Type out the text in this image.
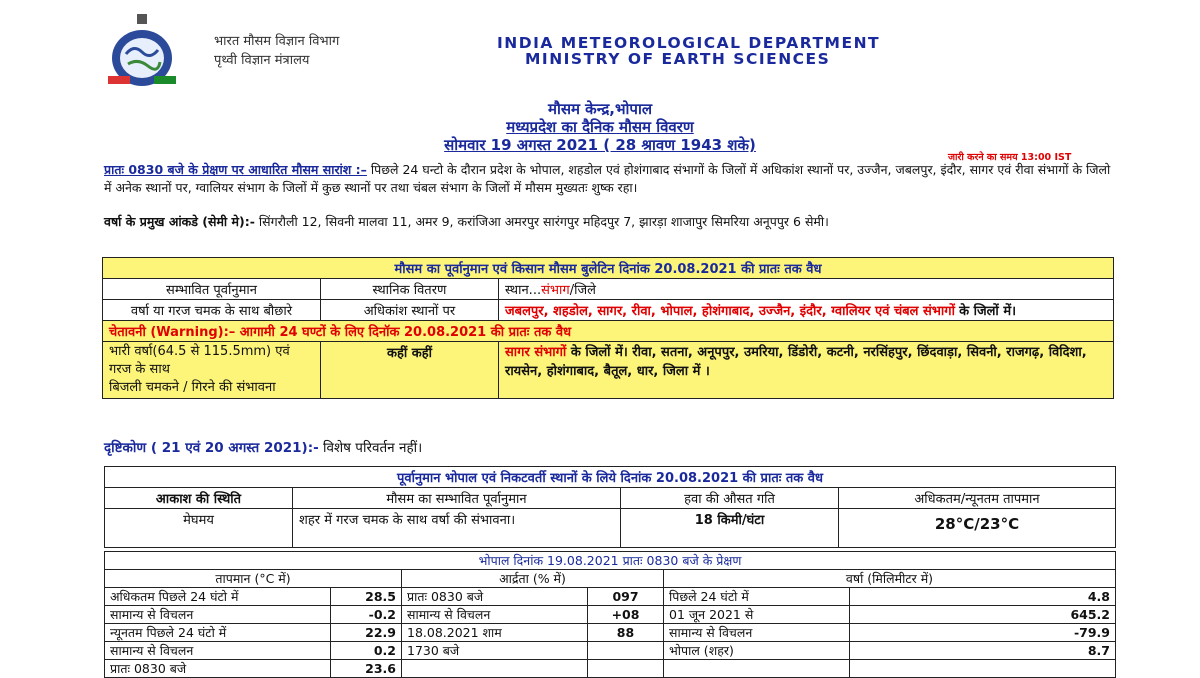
भारत मौसम विज्ञान विभाग
पृथ्वी विज्ञान मंत्रालय
INDIA METEOROLOGICAL DEPARTMENT
MINISTRY OF EARTH SCIENCES
मौसम केन्द्र,भोपाल
मध्यप्रदेश का दैनिक मौसम विवरण
सोमवार 19 अगस्त 2021 ( 28 श्रावण 1943 शके)
जारी करने का समय 13:00 IST
प्रातः 0830 बजे के प्रेक्षण पर आधारित मौसम सारांश :– पिछले 24 घन्टो के दौरान प्रदेश के भोपाल, शहडोल एवं होशंगाबाद संभागों के जिलों में अधिकांश स्थानों पर, उज्जैन, जबलपुर, इंदौर, सागर एवं रीवा संभागों के जिलो में अनेक स्थानों पर, ग्वालियर संभाग के जिलों में कुछ स्थानों पर तथा चंबल संभाग के जिलों में मौसम मुख्यतः शुष्क रहा।
वर्षा के प्रमुख आंकडे (सेमी मे):- सिंगरौली 12, सिवनी मालवा 11, अमर 9, करांजिआ अमरपुर सारंगपुर महिदपुर 7, झारड़ा शाजापुर सिमरिया अनूपपुर 6 सेमी।
मौसम का पूर्वानुमान एवं किसान मौसम बुलेटिन दिनांक 20.08.2021 की प्रातः तक वैध		
सम्भावित पूर्वानुमान	स्थानिक वितरण	स्थान...संभाग/जिले
वर्षा या गरज चमक के साथ बौछारे	अधिकांश स्थानों पर	जबलपुर, शहडोल, सागर, रीवा, भोपाल, होशंगाबाद, उज्जैन, इंदौर, ग्वालियर एवं चंबल संभागों के जिलों में।
चेतावनी (Warning):– आगामी 24 घण्टों के लिए दिनॉक 20.08.2021 की प्रातः तक वैध		

भारी वर्षा(64.5 से 115.5mm) एवं गरज के साथ
बिजली चमकने / गिरने की संभावना	कहीं कहीं	सागर संभागों के जिलों में। रीवा, सतना, अनूपपुर, उमरिया, डिंडोरी, कटनी, नरसिंहपुर, छिंदवाड़ा, सिवनी, राजगढ़, विदिशा, रायसेन, होशंगाबाद, बैतूल, धार, जिला में ।
दृष्टिकोण ( 21 एवं 20 अगस्त 2021):- विशेष परिवर्तन नहीं।
पूर्वानुमान भोपाल एवं निकटवर्ती स्थानों के लिये दिनांक 20.08.2021 की प्रातः तक वैध			
आकाश की स्थिति	मौसम का सम्भावित पूर्वानुमान	हवा की औसत गति	अधिकतम/न्यूनतम तापमान
मेघमय	शहर में गरज चमक के साथ वर्षा की संभावना।	18 किमी/घंटा	28°C/23°C
भोपाल दिनांक 19.08.2021 प्रातः 0830 बजे के प्रेक्षण					
तापमान (°C में)		आर्द्रता (% में)		वर्षा (मिलिमीटर में)	
अधिकतम पिछले 24 घंटो में	28.5	प्रातः 0830 बजे	097	पिछले 24 घंटो में	4.8
सामान्य से विचलन	-0.2	सामान्य से विचलन	+08	01 जून 2021 से	645.2
न्यूनतम पिछले 24 घंटो में	22.9	18.08.2021 शाम	88	सामान्य से विचलन	-79.9
सामान्य से विचलन	0.2	1730 बजे		भोपाल (शहर)	8.7
प्रातः 0830 बजे	23.6				
